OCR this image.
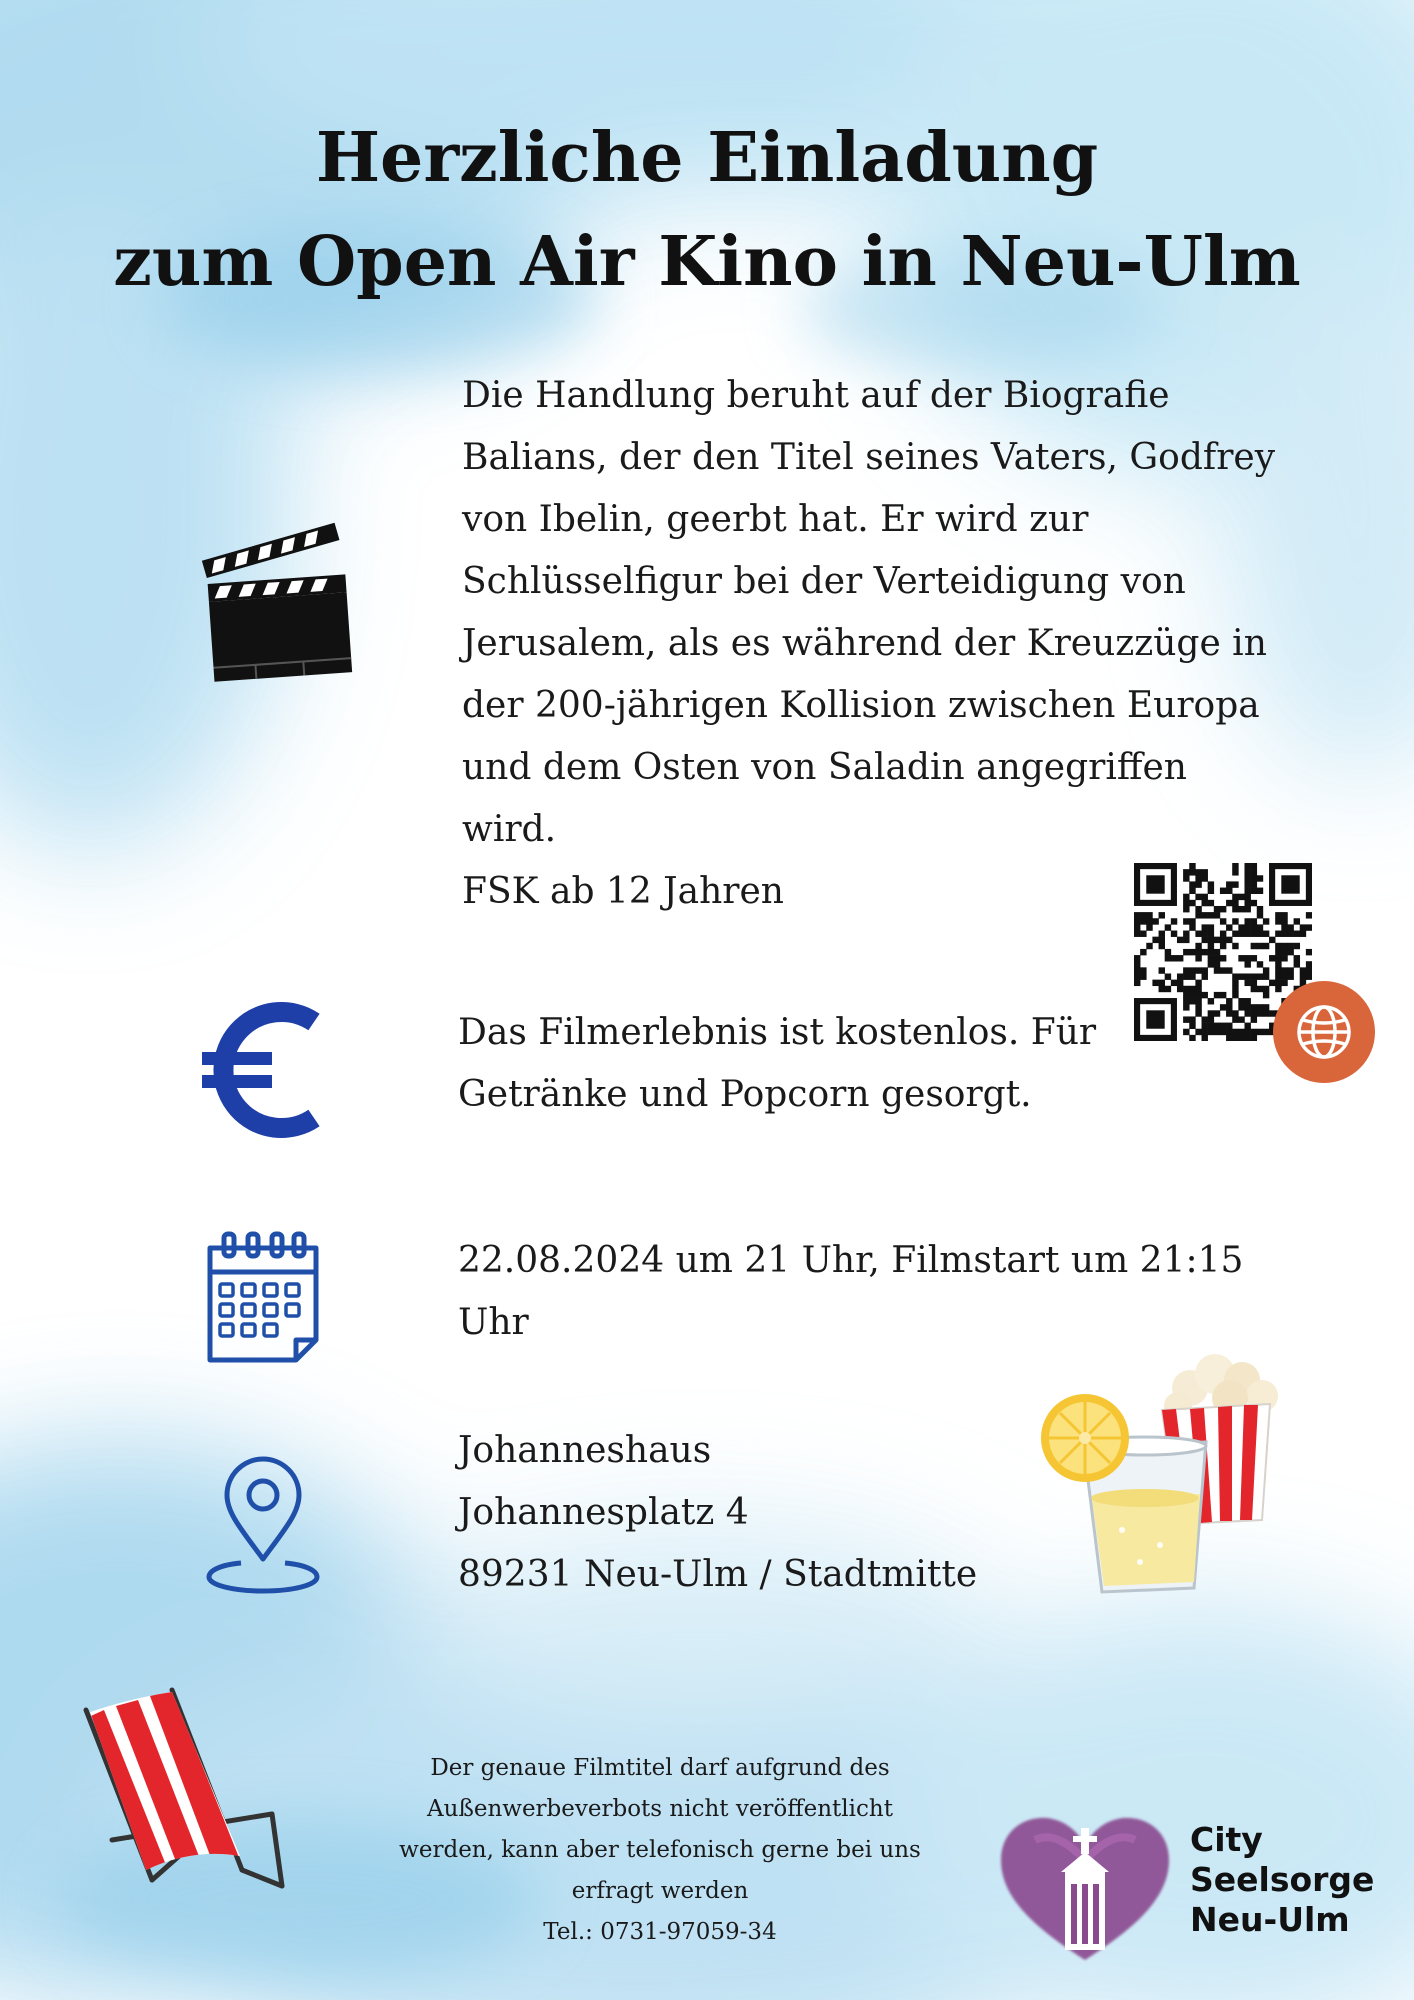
Herzliche Einladung
zum Open Air Kino in Neu-Ulm
Die Handlung beruht auf der Biografie
Balians, der den Titel seines Vaters, Godfrey
von Ibelin, geerbt hat. Er wird zur
Schlüsselfigur bei der Verteidigung von
Jerusalem, als es während der Kreuzzüge in
der 200-jährigen Kollision zwischen Europa
und dem Osten von Saladin angegriffen
wird.
FSK ab 12 Jahren
Das Filmerlebnis ist kostenlos. Für
Getränke und Popcorn gesorgt.
22.08.2024 um 21 Uhr, Filmstart um 21:15
Uhr
Johanneshaus
Johannesplatz 4
89231 Neu-Ulm / Stadtmitte
Der genaue Filmtitel darf aufgrund des
Außenwerbeverbots nicht veröffentlicht
werden, kann aber telefonisch gerne bei uns
erfragt werden
Tel.: 0731-97059-34
City
Seelsorge
Neu-Ulm
